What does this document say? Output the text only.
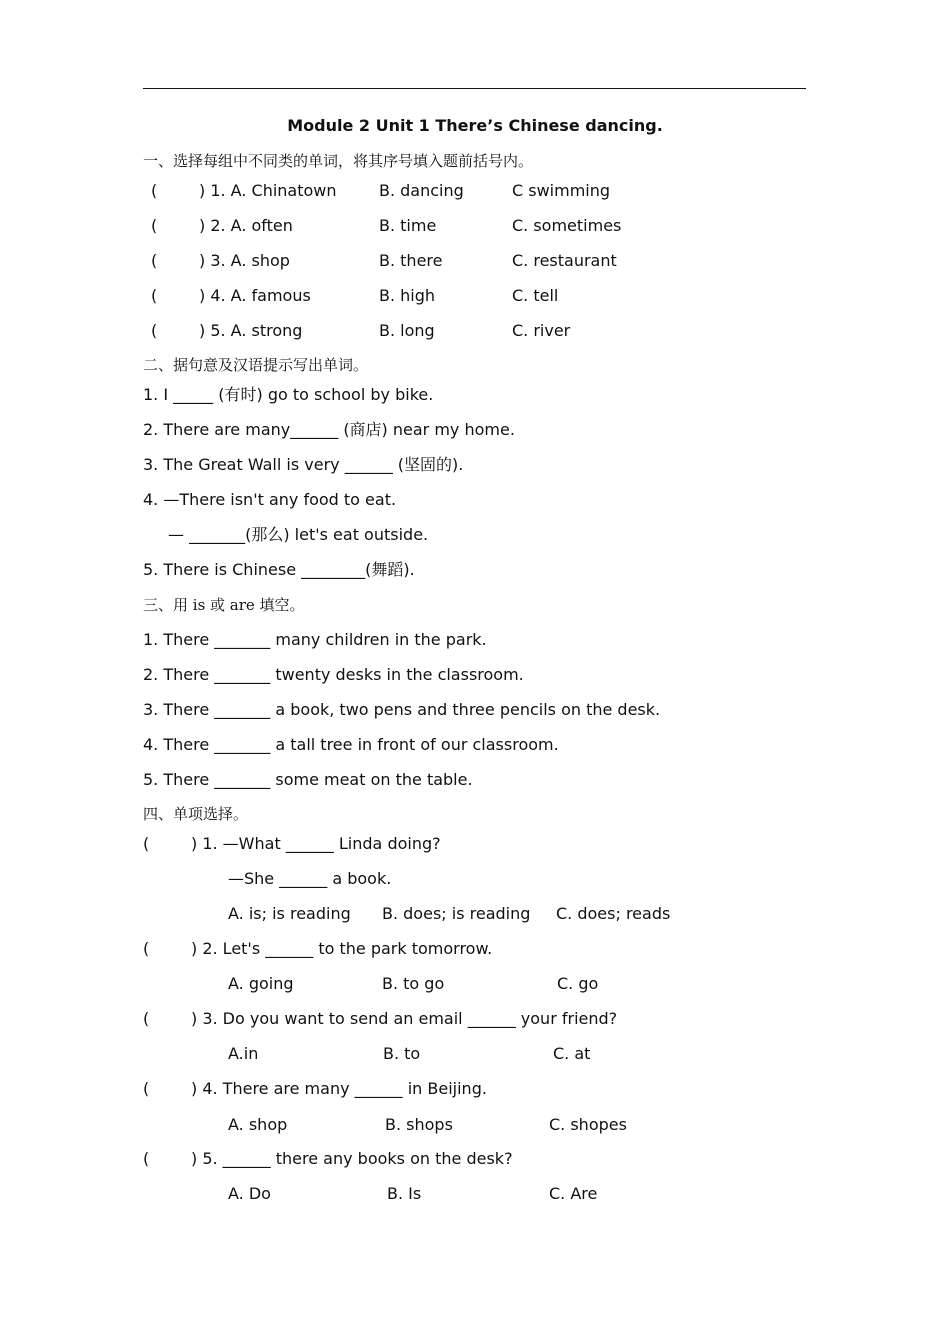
Module 2 Unit 1 There’s Chinese dancing.
一、选择每组中不同类的单词，将其序号填入题前括号内。
(	) 1. A. Chinatown	B. dancing	C swimming
(	) 2. A. often	B. time	C. sometimes
(	) 3. A. shop	B. there	C. restaurant
(	) 4. A. famous	B. high	C. tell
(	) 5. A. strong	B. long	C. river
二、据句意及汉语提示写出单词。
1. I _____ (有时) go to school by bike.
2. There are many______ (商店) near my home.
3. The Great Wall is very ______ (坚固的).
4. —There isn't any food to eat.
— _______(那么) let's eat outside.
5. There is Chinese ________(舞蹈).
三、用 is 或 are 填空。
1. There _______ many children in the park.
2. There _______ twenty desks in the classroom.
3. There _______ a book, two pens and three pencils on the desk.
4. There _______ a tall tree in front of our classroom.
5. There _______ some meat on the table.
四、单项选择。
(	) 1. —What ______ Linda doing?
—She ______ a book.
A. is; is reading B. does; is reading C. does; reads
(	) 2. Let's ______ to the park tomorrow.
A. going	B. to go	C. go
(	) 3. Do you want to send an email ______ your friend?
A.in	B. to	C. at
(	) 4. There are many ______ in Beijing.
A. shop	B. shops	C. shopes
(	) 5. ______ there any books on the desk?
A. Do	B. Is	C. Are
